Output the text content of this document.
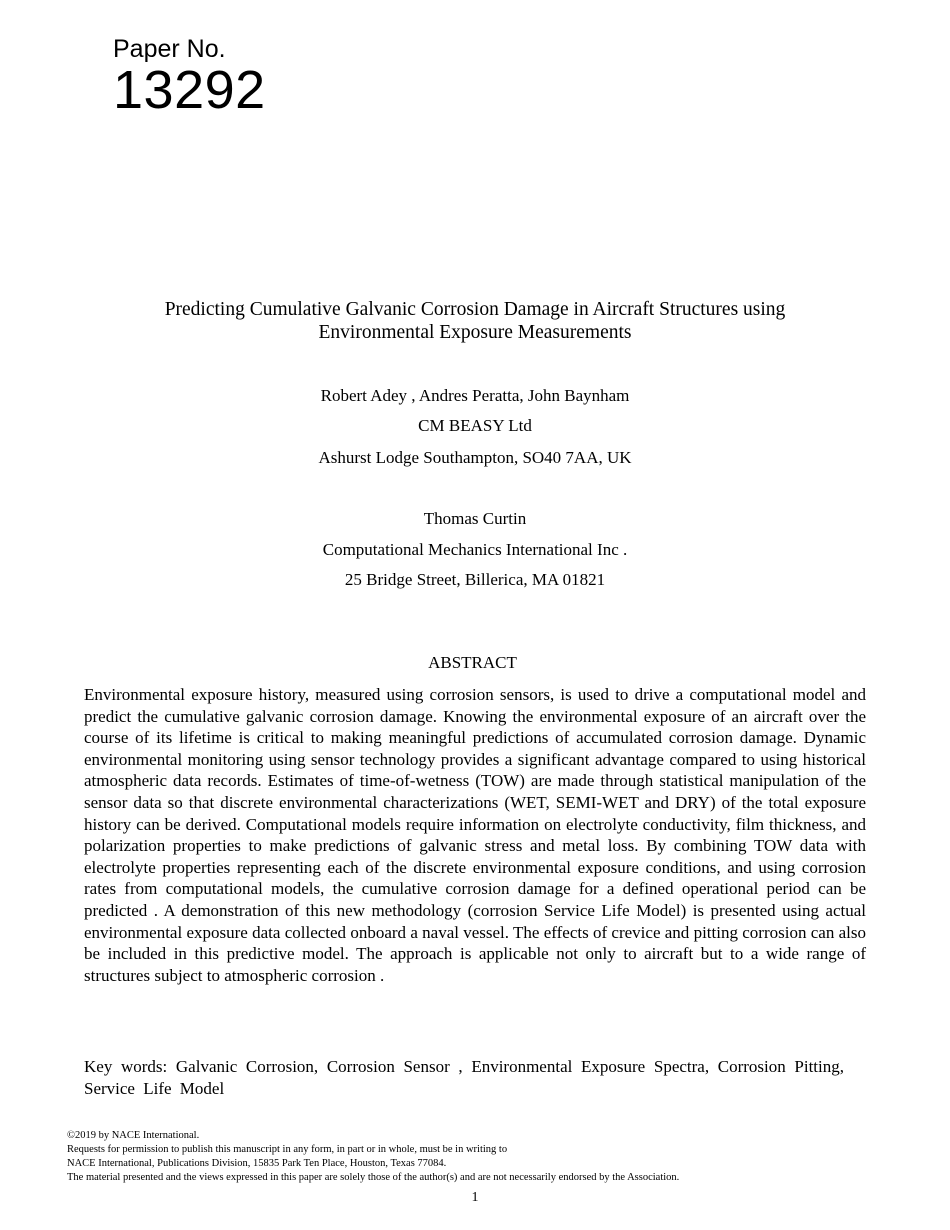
Paper No.
13292
Predicting Cumulative Galvanic Corrosion Damage in Aircraft Structures using
Environmental Exposure Measurements
Robert Adey , Andres Peratta, John Baynham
CM BEASY Ltd
Ashurst Lodge Southampton, SO40 7AA, UK
Thomas Curtin
Computational Mechanics International Inc .
25 Bridge Street, Billerica, MA 01821
ABSTRACT
Environmental exposure history, measured using corrosion sensors, is used to drive a computational model and predict the cumulative galvanic corrosion damage. Knowing the environmental exposure of an aircraft over the course of its lifetime is critical to making meaningful predictions of accumulated corrosion damage. Dynamic environmental monitoring using sensor technology provides a significant advantage compared to using historical atmospheric data records. Estimates of time-of-wetness (TOW) are made through statistical manipulation of the sensor data so that discrete environmental characterizations (WET, SEMI-WET and DRY) of the total exposure history can be derived. Computational models require information on electrolyte conductivity, film thickness, and polarization properties to make predictions of galvanic stress and metal loss. By combining TOW data with electrolyte properties representing each of the discrete environmental exposure conditions, and using corrosion rates from computational models, the cumulative corrosion damage for a defined operational period can be predicted . A demonstration of this new methodology (corrosion Service Life Model) is presented using actual environmental exposure data collected onboard a naval vessel. The effects of crevice and pitting corrosion can also be included in this predictive model. The approach is applicable not only to aircraft but to a wide range of structures subject to atmospheric corrosion .
Key words: Galvanic Corrosion, Corrosion Sensor , Environmental Exposure Spectra, Corrosion Pitting, Service Life Model
©2019 by NACE International.
Requests for permission to publish this manuscript in any form, in part or in whole, must be in writing to
NACE International, Publications Division, 15835 Park Ten Place, Houston, Texas 77084.
The material presented and the views expressed in this paper are solely those of the author(s) and are not necessarily endorsed by the Association.
1
